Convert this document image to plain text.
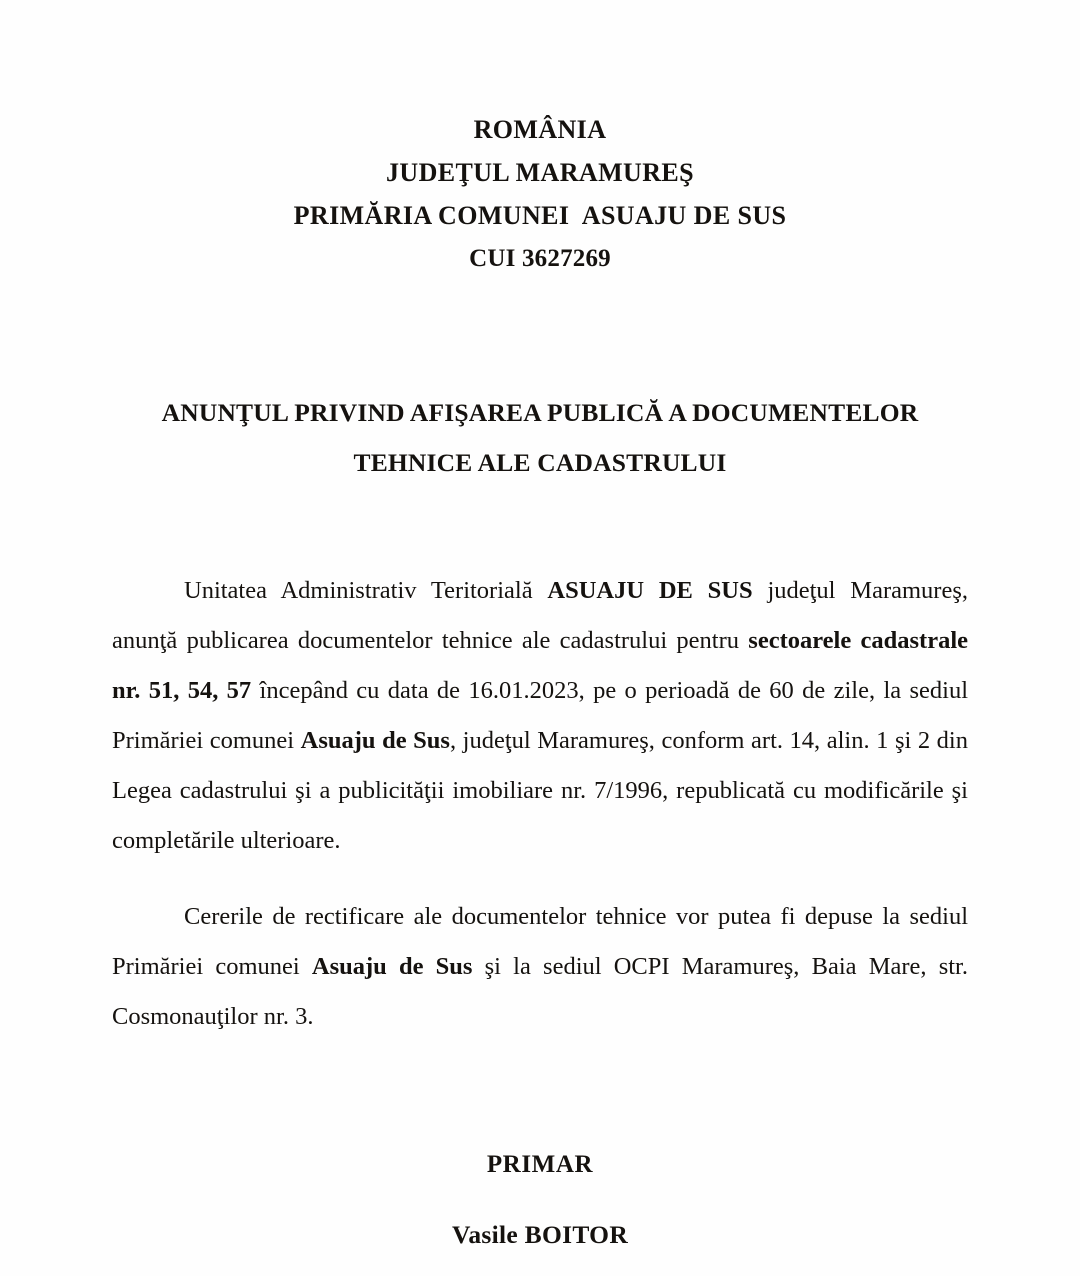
ROMÂNIA
JUDEŢUL MARAMUREŞ
PRIMĂRIA COMUNEI  ASUAJU DE SUS
CUI 3627269
ANUNŢUL PRIVIND AFIŞAREA PUBLICĂ A DOCUMENTELOR
TEHNICE ALE CADASTRULUI

Unitatea Administrativ Teritorială ASUAJU DE SUS judeţul Maramureş, anunţă publicarea documentelor tehnice ale cadastrului pentru sectoarele cadastrale nr. 51, 54, 57 începând cu data de 16.01.2023, pe o perioadă de 60 de zile, la sediul Primăriei comunei Asuaju de Sus, judeţul Maramureş, conform art. 14, alin. 1 şi 2 din Legea cadastrului şi a publicităţii imobiliare nr. 7/1996, republicată cu modificările şi completările ulterioare.

Cererile de rectificare ale documentelor tehnice vor putea fi depuse la sediul Primăriei comunei Asuaju de Sus şi la sediul OCPI Maramureş, Baia Mare, str. Cosmonauţilor nr. 3.

PRIMAR
Vasile BOITOR
